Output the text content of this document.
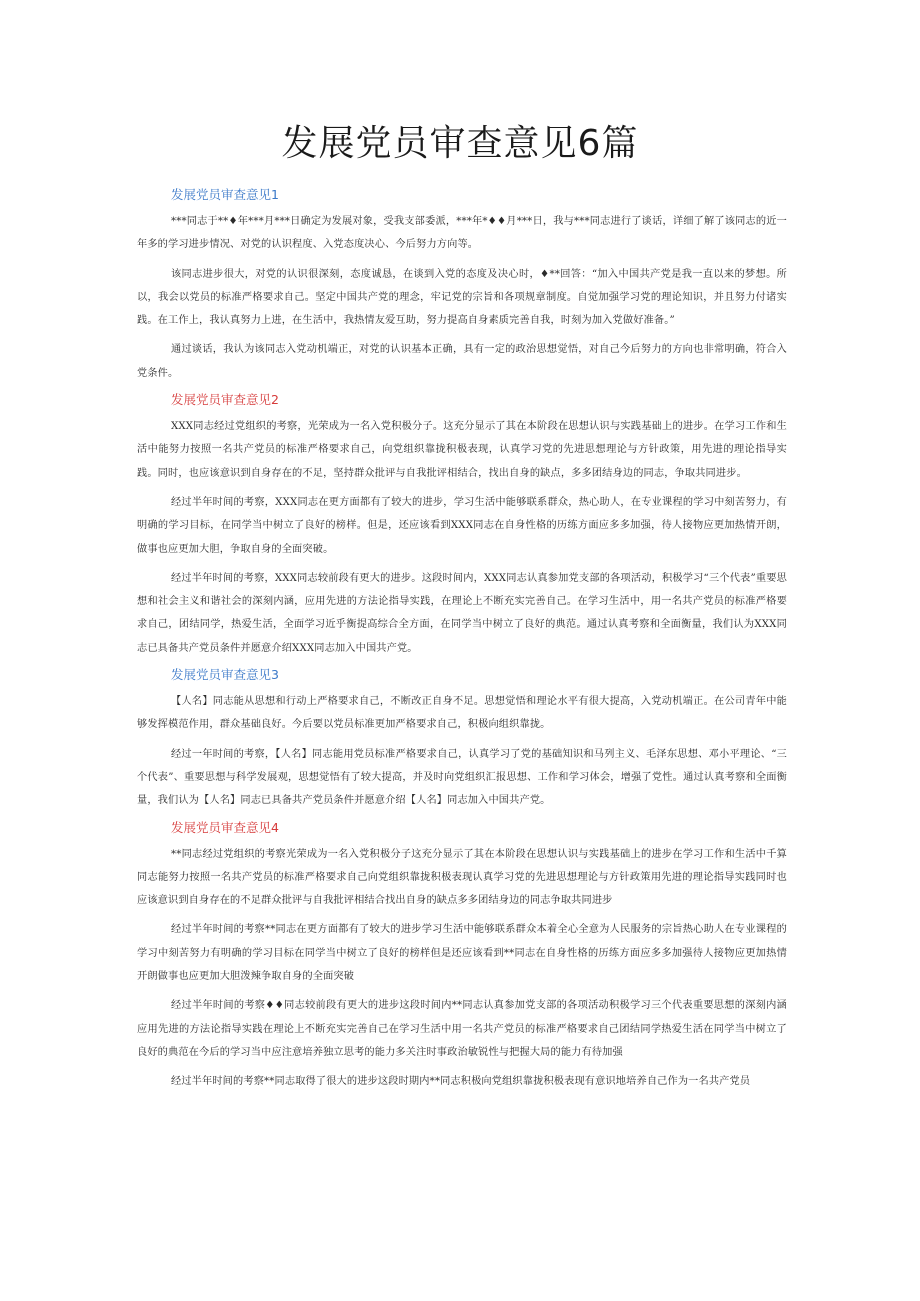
发展党员审查意见6篇
发展党员审查意见1

***同志于**♦年***月***日确定为发展对象，受我支部委派，***年*♦♦月***日，我与***同志进行了谈话，详细了解了该同志的近一年多的学习进步情况、对党的认识程度、入党态度决心、今后努力方向等。

该同志进步很大，对党的认识很深刻，态度诚恳，在谈到入党的态度及决心时，♦**回答：“加入中国共产党是我一直以来的梦想。所以，我会以党员的标准严格要求自己。坚定中国共产党的理念，牢记党的宗旨和各项规章制度。自觉加强学习党的理论知识，并且努力付诸实践。在工作上，我认真努力上进，在生活中，我热情友爱互助，努力提高自身素质完善自我，时刻为加入党做好准备。”

通过谈话，我认为该同志入党动机端正，对党的认识基本正确，具有一定的政治思想觉悟，对自己今后努力的方向也非常明确，符合入党条件。

发展党员审查意见2

XXX同志经过党组织的考察，光荣成为一名入党积极分子。这充分显示了其在本阶段在思想认识与实践基础上的进步。在学习工作和生活中能努力按照一名共产党员的标准严格要求自己，向党组织靠拢积极表现，认真学习党的先进思想理论与方针政策，用先进的理论指导实践。同时，也应该意识到自身存在的不足，坚持群众批评与自我批评相结合，找出自身的缺点，多多团结身边的同志，争取共同进步。

经过半年时间的考察，XXX同志在更方面都有了较大的进步，学习生活中能够联系群众，热心助人，在专业课程的学习中刻苦努力，有明确的学习目标，在同学当中树立了良好的榜样。但是，还应该看到XXX同志在自身性格的历练方面应多多加强，待人接物应更加热情开朗，做事也应更加大胆，争取自身的全面突破。

经过半年时间的考察，XXX同志较前段有更大的进步。这段时间内，XXX同志认真参加党支部的各项活动，积极学习“三个代表”重要思想和社会主义和谐社会的深刻内涵，应用先进的方法论指导实践，在理论上不断充实完善自己。在学习生活中，用一名共产党员的标准严格要求自己，团结同学，热爱生活，全面学习近乎衡提高综合全方面，在同学当中树立了良好的典范。通过认真考察和全面衡量，我们认为XXX同志已具备共产党员条件并愿意介绍XXX同志加入中国共产党。

发展党员审查意见3

【人名】同志能从思想和行动上严格要求自己，不断改正自身不足。思想觉悟和理论水平有很大提高，入党动机端正。在公司青年中能够发挥模范作用，群众基础良好。今后要以党员标准更加严格要求自己，积极向组织靠拢。

经过一年时间的考察，【人名】同志能用党员标准严格要求自己，认真学习了党的基础知识和马列主义、毛泽东思想、邓小平理论、“三个代表”、重要思想与科学发展观，思想觉悟有了较大提高，并及时向党组织汇报思想、工作和学习体会，增强了党性。通过认真考察和全面衡量，我们认为【人名】同志已具备共产党员条件并愿意介绍【人名】同志加入中国共产党。

发展党员审查意见4

**同志经过党组织的考察光荣成为一名入党积极分子这充分显示了其在本阶段在思想认识与实践基础上的进步在学习工作和生活中千算同志能努力按照一名共产党员的标准严格要求自己向党组织靠拢积极表现认真学习党的先进思想理论与方针政策用先进的理论指导实践同时也应该意识到自身存在的不足群众批评与自我批评相结合找出自身的缺点多多团结身边的同志争取共同进步

经过半年时间的考察**同志在更方面都有了较大的进步学习生活中能够联系群众本着全心全意为人民服务的宗旨热心助人在专业课程的学习中刻苦努力有明确的学习目标在同学当中树立了良好的榜样但是还应该看到**同志在自身性格的历练方面应多多加强待人接物应更加热情开朗做事也应更加大胆泼辣争取自身的全面突破

经过半年时间的考察♦♦同志较前段有更大的进步这段时间内**同志认真参加党支部的各项活动积极学习三个代表重要思想的深刻内涵应用先进的方法论指导实践在理论上不断充实完善自己在学习生活中用一名共产党员的标准严格要求自己团结同学热爱生活在同学当中树立了良好的典范在今后的学习当中应注意培养独立思考的能力多关注时事政治敏锐性与把握大局的能力有待加强

经过半年时间的考察**同志取得了很大的进步这段时期内**同志积极向党组织靠拢积极表现有意识地培养自己作为一名共产党员
